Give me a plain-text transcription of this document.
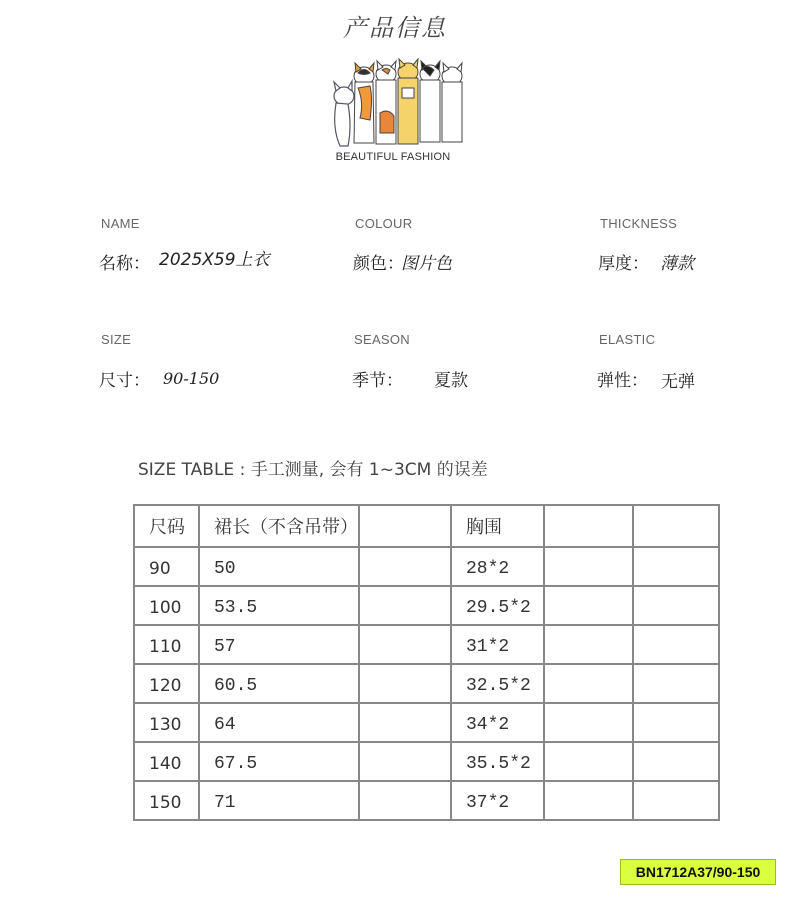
产品信息
BEAUTIFUL FASHION
NAME
名称： 2025X59上衣
COLOUR
颜色：
图片色
THICKNESS
厚度： 薄款
SIZE
尺寸： 90-150
SEASON
季节： 夏款
ELASTIC
弹性： 无弹
SIZE TABLE : 手工测量, 会有 1~3CM 的误差
尺码	裙长（不含吊带）		胸围		
90	50		28*2		
100	53.5		29.5*2		
110	57		31*2		
120	60.5		32.5*2		
130	64		34*2		
140	67.5		35.5*2		
150	71		37*2		
BN1712A37/90-150
